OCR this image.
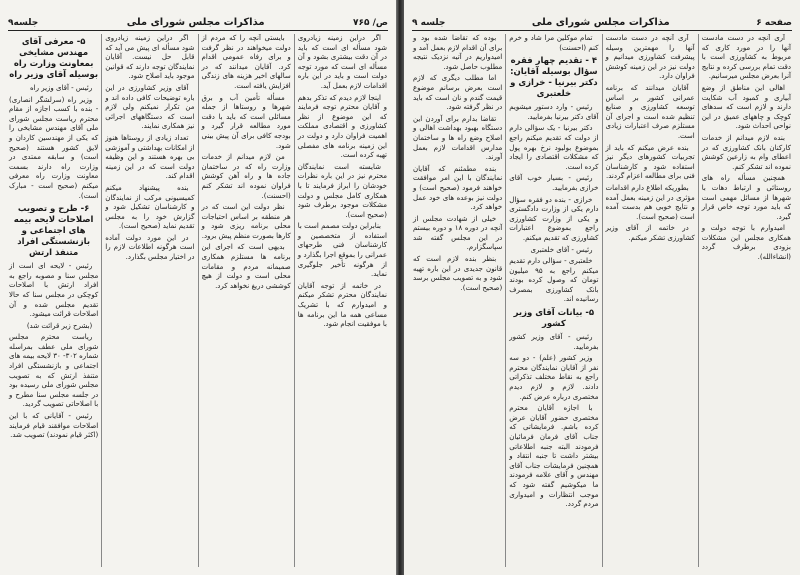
ص/ ۷۶۵
مذاکرات مجلس شورای ملی
جلسه۹

اگر دراین زمینه زیادروی شود مسأله ای است که باید در آن دقت بیشتری بشود و آن مسأله ای است که مورد توجه دولت است و باید در این باره اقدامات لازم بعمل آید.

اینجا لازم دیدم که تذکر بدهم و آقایان محترم توجه فرمایند که این موضوع از نظر کشاورزی و اقتصادی مملکت اهمیت فراوان دارد و دولت در این زمینه برنامه های مفصلی تهیه کرده است.

شایسته است نمایندگان محترم نیز در این باره نظرات خودشان را ابراز فرمایند تا با همکاری کامل مجلس و دولت مشکلات موجود برطرف شود (صحیح است).

بنابراین دولت مصمم است با استفاده از متخصصین و کارشناسان فنی طرحهای عمرانی را بموقع اجرا بگذارد و از هرگونه تأخیر جلوگیری نماید.

در خاتمه از توجه آقایان نمایندگان محترم تشکر میکنم و امیدوارم که با تشریک مساعی همه ما این برنامه ها با موفقیت انجام شود.

بایستی آنچه را که مردم از دولت میخواهند در نظر گرفت و برای رفاه عمومی اقدام کرد. آقایان میدانند که در سالهای اخیر هزینه های زندگی افزایش یافته است.

مسأله تأمین آب و برق شهرها و روستاها از جمله مسائلی است که باید با دقت مورد مطالعه قرار گیرد و بودجه کافی برای آن پیش بینی شود.

من لازم میدانم از خدمات وزارت راه که در ساختمان جاده ها و راه آهن کوشش فراوان نموده اند تشکر کنم (احسنت).

نظر دولت این است که در هر منطقه بر اساس احتیاجات محلی برنامه ریزی شود و کارها بصورت منظم پیش برود.

بدیهی است که اجرای این برنامه ها مستلزم همکاری صمیمانه مردم و مقامات محلی است و دولت از هیچ کوششی دریغ نخواهد کرد.

اگر دراین زمینه زیادروی شود مسأله ای پیش می آید که قابل حل نیست. آقایان نمایندگان توجه دارند که قوانین موجود باید اصلاح شود.

آقای وزیر کشاورزی در این باره توضیحات کافی داده اند و من تکرار نمیکنم ولی لازم است که دستگاههای اجرائی نیز همکاری نمایند.

تعداد زیادی از روستاها هنوز از امکانات بهداشتی و آموزشی بی بهره هستند و این وظیفه دولت است که در این زمینه اقدام کند.

بنده پیشنهاد میکنم کمیسیونی مرکب از نمایندگان و کارشناسان تشکیل شود و گزارش خود را به مجلس تقدیم نماید (صحیح است).

در این مورد دولت آماده است هرگونه اطلاعات لازم را در اختیار مجلس بگذارد.

۵- معرفی آقای مهندس مشایخی بمعاونت وزارت راه بوسیله آقای وزیر راه

رئیس - آقای وزیر راه

وزیر راه (سرلشگر انصاری) - بنده با کسب اجازه از مقام محترم ریاست مجلس شورای ملی آقای مهندس مشایخی را که یکی از مهندسین کاردان و لایق کشور هستند (صحیح است) و سابقه ممتدی در وزارت راه دارند بسمت معاونت وزارت راه معرفی میکنم (صحیح است - مبارک است).

۶- طرح و تصویب اصلاحات لایحه بیمه های اجتماعی و بازنشستگی افراد متنفذ ارتش

رئیس - لایحه ای است از مجلس سنا و مصوبه راجع به افراد ارتش با اصلاحات کوچکی در مجلس سنا که حالا تقدیم مجلس شده و آن اصلاحات قرائت میشود.

(بشرح زیر قرائت شد)

ریاست محترم مجلس شورای ملی عطف بمراسله شماره ۳۰۲- ۳۰ لایحه بیمه های اجتماعی و بازنشستگی افراد متنفذ ارتش که به تصویب مجلس شورای ملی رسیده بود در جلسه مجلس سنا مطرح و با اصلاحاتی تصویب گردید.

رئیس - آقایانی که با این اصلاحات موافقند قیام فرمایند (اکثر قیام نمودند) تصویب شد.

صفحه ۶
مذاکرات مجلس شورای ملی
جلسه ۹

آری آنچه در دست مادست آنها را در مورد کاری که مربوط به کشاورزی است با دقت تمام بررسی کرده و نتایج آنرا بعرض مجلس میرسانیم.

اهالی این مناطق از وضع آبیاری و کمبود آب شکایت دارند و لازم است که سدهای کوچک و چاههای عمیق در این نواحی احداث شود.

بنده لازم میدانم از خدمات کارکنان بانک کشاورزی که در اعطای وام به زارعین کوشش نموده اند تشکر کنم.

همچنین مسأله راه های روستائی و ارتباط دهات با شهرها از مسائل مهمی است که باید مورد توجه خاص قرار گیرد.

امیدوارم با توجه دولت و همکاری مجلس این مشکلات بزودی برطرف گردد (انشاءالله).

آری آنچه در دست مادست آنها را مهمترین وسیله پیشرفت کشاورزی میدانیم و دولت نیز در این زمینه کوشش فراوان دارد.

آقایان میدانند که برنامه عمرانی کشور بر اساس توسعه کشاورزی و صنایع تنظیم شده است و اجرای آن مستلزم صرف اعتبارات زیادی است.

بنده عرض میکنم که باید از تجربیات کشورهای دیگر نیز استفاده شود و کارشناسان فنی برای مطالعه اعزام گردند.

بطوریکه اطلاع دارم اقدامات مؤثری در این زمینه بعمل آمده و نتایج خوبی هم بدست آمده است (صحیح است).

در خاتمه از آقای وزیر کشاورزی تشکر میکنم.

تمام موکلین مرا شاد و خرم کنم (احسنت)

۴ - تقدیم چهار فقره سؤال بوسیله آقایان: دکتر بیرنیا - خرازی و خلعتبری

رئیس - وارد دستور میشویم آقای دکتر بیرنیا بفرمایید.

دکتر بیرنیا - یک سؤالی دارم از دولت که تقدیم میکنم راجع بموضوع بولیود نرخ بهره پول که مشکلات اقتصادی را ایجاد کرده است.

رئیس - بسیار خوب آقای خرازی بفرمایید.

خرازی - بنده دو فقره سؤال دارم یکی از وزارت دادگستری و یکی از وزارت کشاورزی راجع بموضوع اعتبارات کشاورزی که تقدیم میکنم.

رئیس - آقای خلعتبری

خلعتبری - سؤالی دارم تقدیم میکنم راجع به ۹۵ میلیون تومان که وصول کرده بودند بانک کشاورزی بمصرف رسانیده اند.

۵- بیانات آقای وزیر کشور

رئیس - آقای وزیر کشور بفرمایید.

وزیر کشور (علم) - دو سه نفر از آقایان نمایندگان محترم راجع به نقاط مختلف تذکراتی دادند. لازم و لازم دیدم مختصری درباره عرض کنم.

با اجازه آقایان محترم مختصری حضور آقایان عرض کرده باشم. فرمایشاتی که جناب آقای فرمان فرمائیان فرمودند البته جنبه اطلاعاتی بیشتر داشت تا جنبه انتقاد و همچنین فرمایشات جناب آقای مهندس و آقای علامه فرمودند ما میکوشیم گفته شود که موجب انتظارات و امیدواری مردم گردد.

بوده که تقاضا شده بود و برای آن اقدام لازم بعمل آمد و امیدواریم در آتیه نزدیک نتیجه مطلوب حاصل شود.

اما مطلب دیگری که لازم است بعرض برسانم موضوع قیمت گندم و نان است که باید در نظر گرفته شود.

تقاضا بدارم برای آوردن این دستگاه بهبود بهداشت اهالی و اصلاح وضع راه ها و ساختمان مدارس اقدامات لازم بعمل آورند.

بنده مطمئنم که آقایان نمایندگان با این امر موافقت خواهند فرمود (صحیح است) و دولت نیز بوعده های خود عمل خواهد کرد.

خیلی از شهادت مجلس از آنچه در دوره ۱۸ و دوره بیستم در این مجلس گفته شد سپاسگزارم.

بنظر بنده لازم است که قانون جدیدی در این باره تهیه شود و به تصویب مجلس برسد (صحیح است).
